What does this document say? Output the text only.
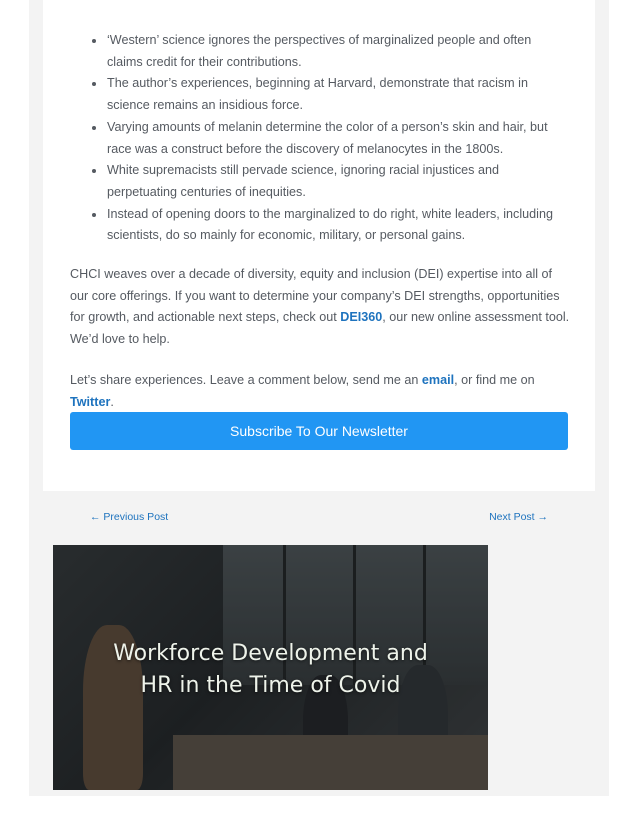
‘Western’ science ignores the perspectives of marginalized people and often claims credit for their contributions.
The author’s experiences, beginning at Harvard, demonstrate that racism in science remains an insidious force.
Varying amounts of melanin determine the color of a person’s skin and hair, but race was a construct before the discovery of melanocytes in the 1800s.
White supremacists still pervade science, ignoring racial injustices and perpetuating centuries of inequities.
Instead of opening doors to the marginalized to do right, white leaders, including scientists, do so mainly for economic, military, or personal gains.

CHCI weaves over a decade of diversity, equity and inclusion (DEI) expertise into all of our core offerings. If you want to determine your company’s DEI strengths, opportunities for growth, and actionable next steps, check out DEI360, our new online assessment tool. We’d love to help.

Let’s share experiences. Leave a comment below, send me an email, or find me on Twitter.

Subscribe To Our Newsletter
← Previous Post	Next Post →

Workforce Development and
HR in the Time of Covid
